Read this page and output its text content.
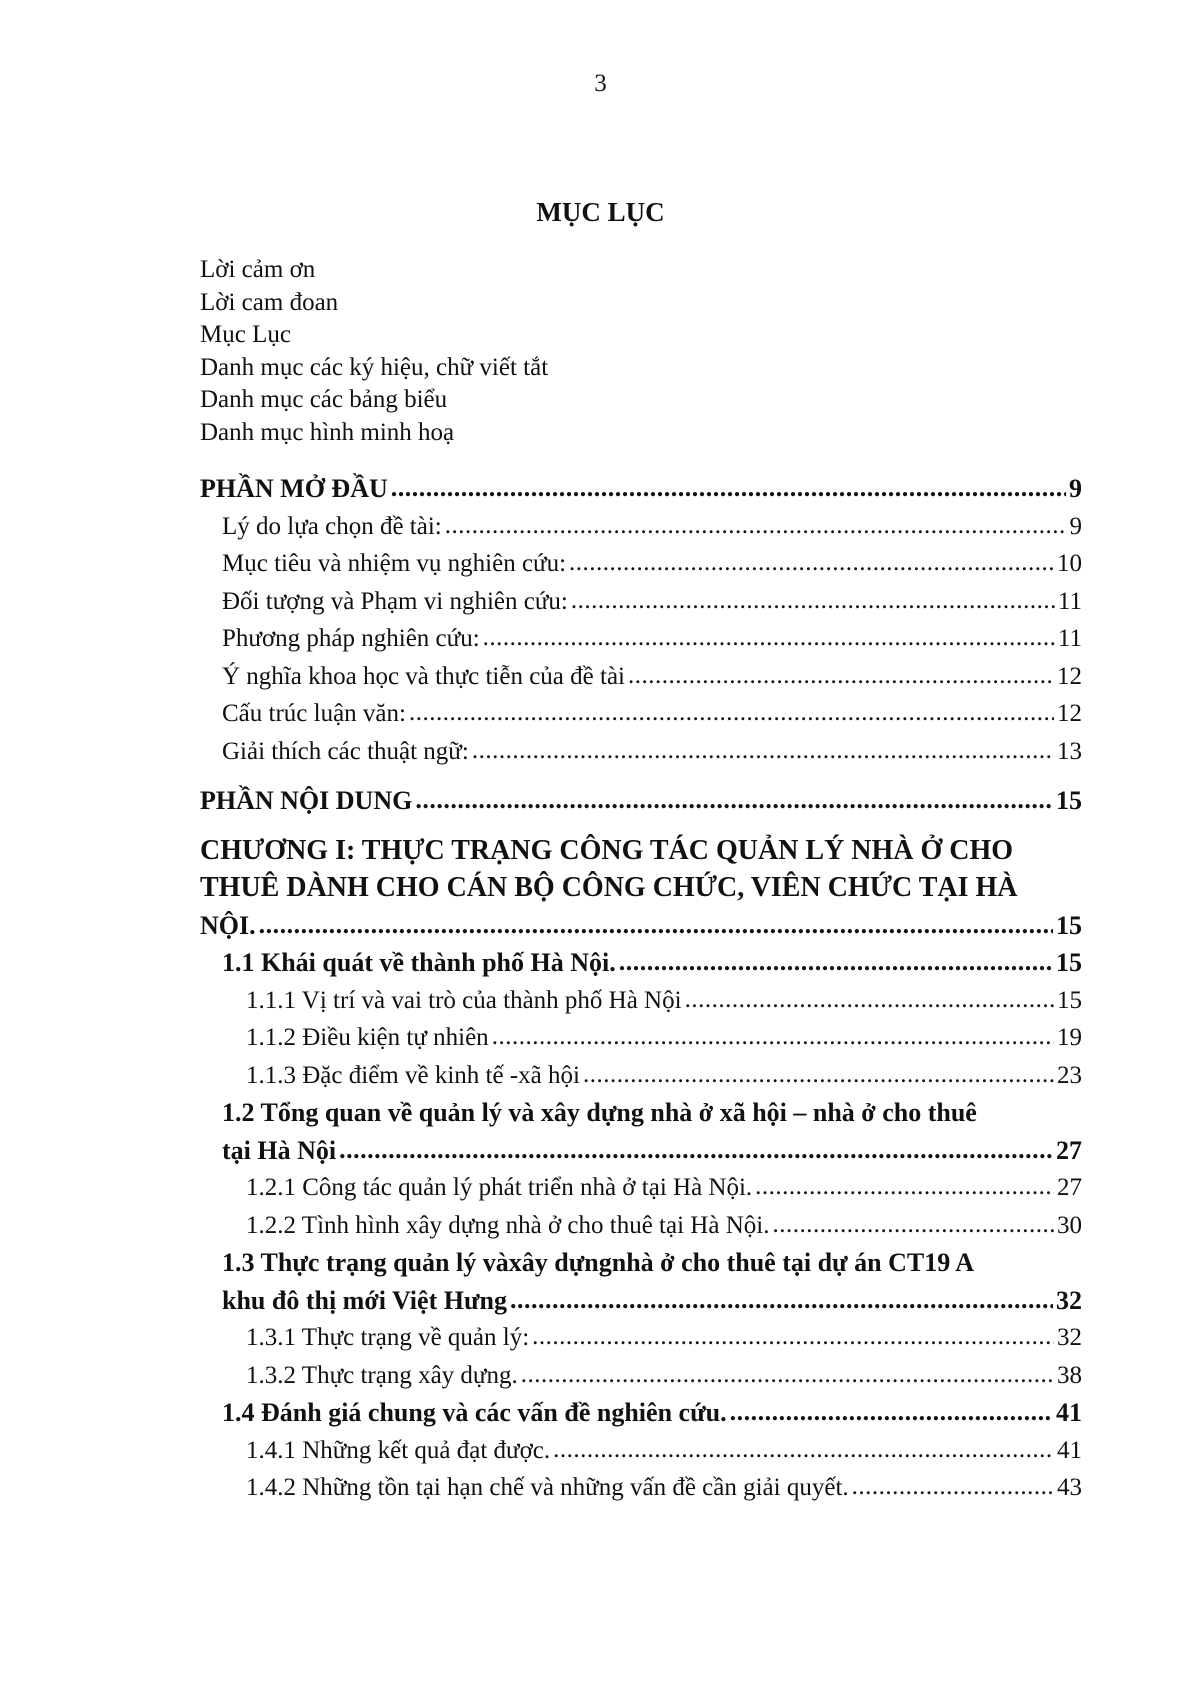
3
MỤC LỤC
Lời cảm ơn
Lời cam đoan
Mục Lục
Danh mục các ký hiệu, chữ viết tắt
Danh mục các bảng biểu
Danh mục hình minh hoạ
PHẦN MỞ ĐẦU .....	9
Lý do lựa chọn đề tài: .....	9
Mục tiêu và nhiệm vụ nghiên cứu: .....	10
Đối tượng và Phạm vi nghiên cứu: .....	11
Phương pháp nghiên cứu: .....	11
Ý nghĩa khoa học và thực tiễn của đề tài .....	12
Cấu trúc luận văn: .....	12
Giải thích các thuật ngữ: .....	13
PHẦN NỘI DUNG .....	15
CHƯƠNG I: THỰC TRẠNG CÔNG TÁC QUẢN LÝ NHÀ Ở CHO
THUÊ DÀNH CHO CÁN BỘ CÔNG CHỨC, VIÊN CHỨC TẠI HÀ
NỘI. .....	15
1.1 Khái quát về thành phố Hà Nội. .....	15
1.1.1 Vị trí và vai trò của thành phố Hà Nội .....	15
1.1.2 Điều kiện tự nhiên .....	19
1.1.3 Đặc điểm về kinh tế -xã hội .....	23
1.2 Tổng quan về quản lý và xây dựng nhà ở xã hội – nhà ở cho thuê
tại Hà Nội .....	27
1.2.1 Công tác quản lý phát triển nhà ở tại Hà Nội. .....	27
1.2.2 Tình hình xây dựng nhà ở cho thuê tại Hà Nội. .....	30
1.3 Thực trạng quản lý vàxây dựngnhà ở cho thuê tại dự án CT19 A
khu đô thị mới Việt Hưng .....	32
1.3.1 Thực trạng về quản lý: .....	32
1.3.2 Thực trạng xây dựng. .....	38
1.4 Đánh giá chung và các vấn đề nghiên cứu. .....	41
1.4.1 Những kết quả đạt được. .....	41
1.4.2 Những tồn tại hạn chế và những vấn đề cần giải quyết. .....	43
